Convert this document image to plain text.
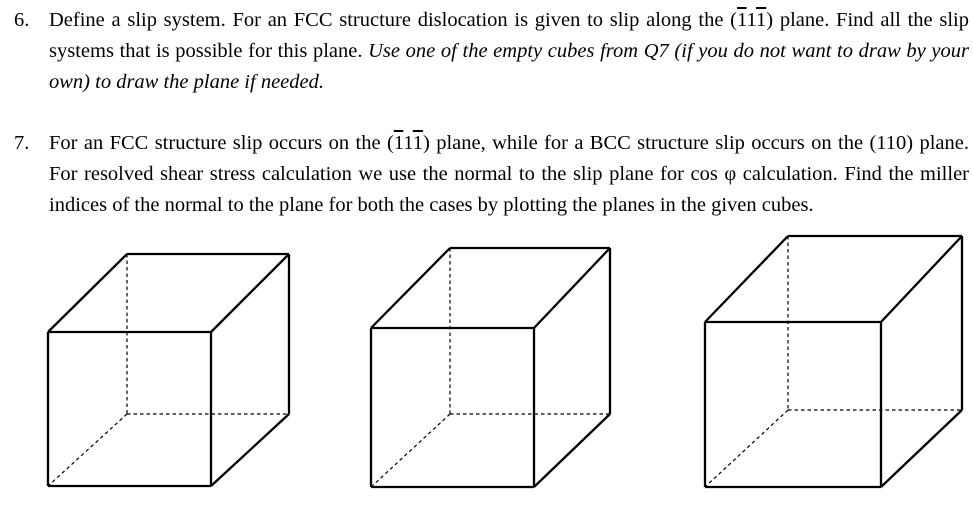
6. Define a slip system. For an FCC structure dislocation is given to slip along the (111) plane. Find all the slip systems that is possible for this plane. Use one of the empty cubes from Q7 (if you do not want to draw by your own) to draw the plane if needed.
7. For an FCC structure slip occurs on the (111) plane, while for a BCC structure slip occurs on the (110) plane. For resolved shear stress calculation we use the normal to the slip plane for cos φ calculation. Find the miller indices of the normal to the plane for both the cases by plotting the planes in the given cubes.
